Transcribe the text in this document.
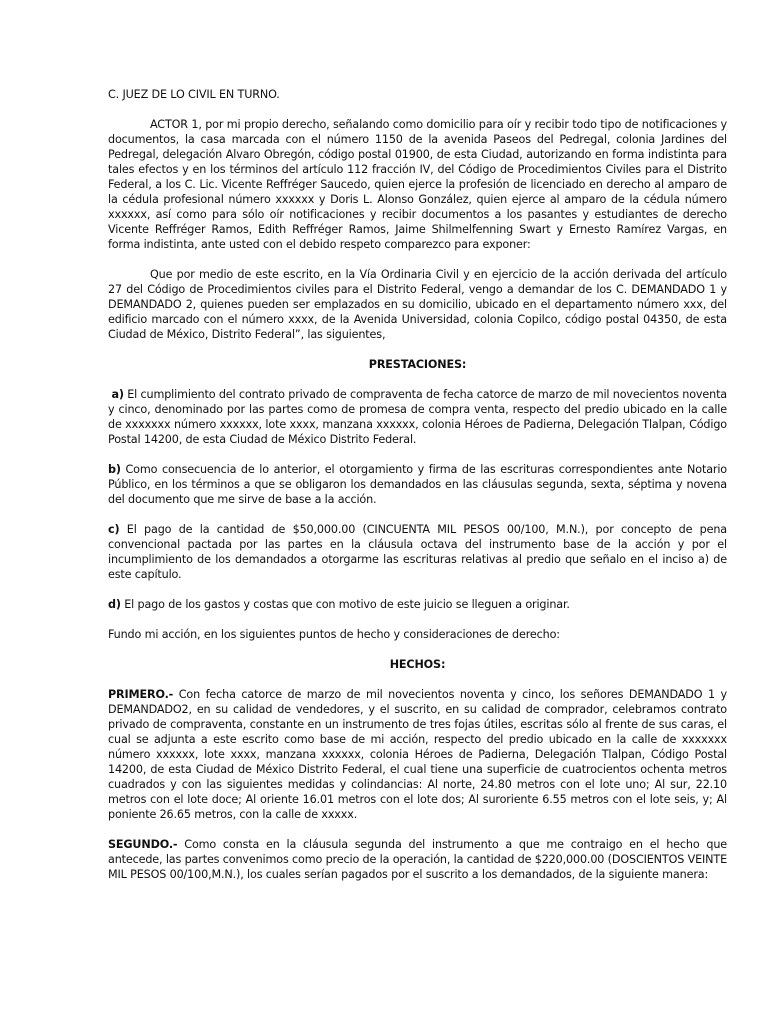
C. JUEZ DE LO CIVIL EN TURNO.

ACTOR 1, por mi propio derecho, señalando como domicilio para oír y recibir todo tipo de notificaciones y documentos, la casa marcada con el número 1150 de la avenida Paseos del Pedregal, colonia Jardines del Pedregal, delegación Alvaro Obregón, código postal 01900, de esta Ciudad, autorizando en forma indistinta para tales efectos y en los términos del artículo 112 fracción IV, del Código de Procedimientos Civiles para el Distrito Federal, a los C. Lic. Vicente Reffréger Saucedo, quien ejerce la profesión de licenciado en derecho al amparo de la cédula profesional número xxxxxx y Doris L. Alonso González, quien ejerce al amparo de la cédula número xxxxxx, así como para sólo oír notificaciones y recibir documentos a los pasantes y estudiantes de derecho Vicente Reffréger Ramos, Edith Reffréger Ramos, Jaime Shilmelfenning Swart y Ernesto Ramírez Vargas, en forma indistinta, ante usted con el debido respeto comparezco para exponer:

Que por medio de este escrito, en la Vía Ordinaria Civil y en ejercicio de la acción derivada del artículo 27 del Código de Procedimientos civiles para el Distrito Federal, vengo a demandar de los C. DEMANDADO 1 y DEMANDADO 2, quienes pueden ser emplazados en su domicilio, ubicado en el departamento número xxx, del edificio marcado con el número xxxx, de la Avenida Universidad, colonia Copilco, código postal 04350, de esta Ciudad de México, Distrito Federal”, las siguientes,

PRESTACIONES:

a) El cumplimiento del contrato privado de compraventa de fecha catorce de marzo de mil novecientos noventa y cinco, denominado por las partes como de promesa de compra venta, respecto del predio ubicado en la calle de xxxxxxx número xxxxxx, lote xxxx, manzana xxxxxx, colonia Héroes de Padierna, Delegación Tlalpan, Código Postal 14200, de esta Ciudad de México Distrito Federal.

b) Como consecuencia de lo anterior, el otorgamiento y firma de las escrituras correspondientes ante Notario Público, en los términos a que se obligaron los demandados en las cláusulas segunda, sexta, séptima y novena del documento que me sirve de base a la acción.

c) El pago de la cantidad de $50,000.00 (CINCUENTA MIL PESOS 00/100, M.N.), por concepto de pena convencional pactada por las partes en la cláusula octava del instrumento base de la acción y por el incumplimiento de los demandados a otorgarme las escrituras relativas al predio que señalo en el inciso a) de este capítulo.

d) El pago de los gastos y costas que con motivo de este juicio se lleguen a originar.

Fundo mi acción, en los siguientes puntos de hecho y consideraciones de derecho:

HECHOS:

PRIMERO.- Con fecha catorce de marzo de mil novecientos noventa y cinco, los señores DEMANDADO 1 y DEMANDADO2, en su calidad de vendedores, y el suscrito, en su calidad de comprador, celebramos contrato privado de compraventa, constante en un instrumento de tres fojas útiles, escritas sólo al frente de sus caras, el cual se adjunta a este escrito como base de mi acción, respecto del predio ubicado en la calle de xxxxxxx número xxxxxx, lote xxxx, manzana xxxxxx, colonia Héroes de Padierna, Delegación Tlalpan, Código Postal 14200, de esta Ciudad de México Distrito Federal, el cual tiene una superficie de cuatrocientos ochenta metros cuadrados y con las siguientes medidas y colindancias: Al norte, 24.80 metros con el lote uno; Al sur, 22.10 metros con el lote doce; Al oriente 16.01 metros con el lote dos; Al suroriente 6.55 metros con el lote seis, y; Al poniente 26.65 metros, con la calle de xxxxx.

SEGUNDO.- Como consta en la cláusula segunda del instrumento a que me contraigo en el hecho que antecede, las partes convenimos como precio de la operación, la cantidad de $220,000.00 (DOSCIENTOS VEINTE MIL PESOS 00/100,M.N.), los cuales serían pagados por el suscrito a los demandados, de la siguiente manera:
